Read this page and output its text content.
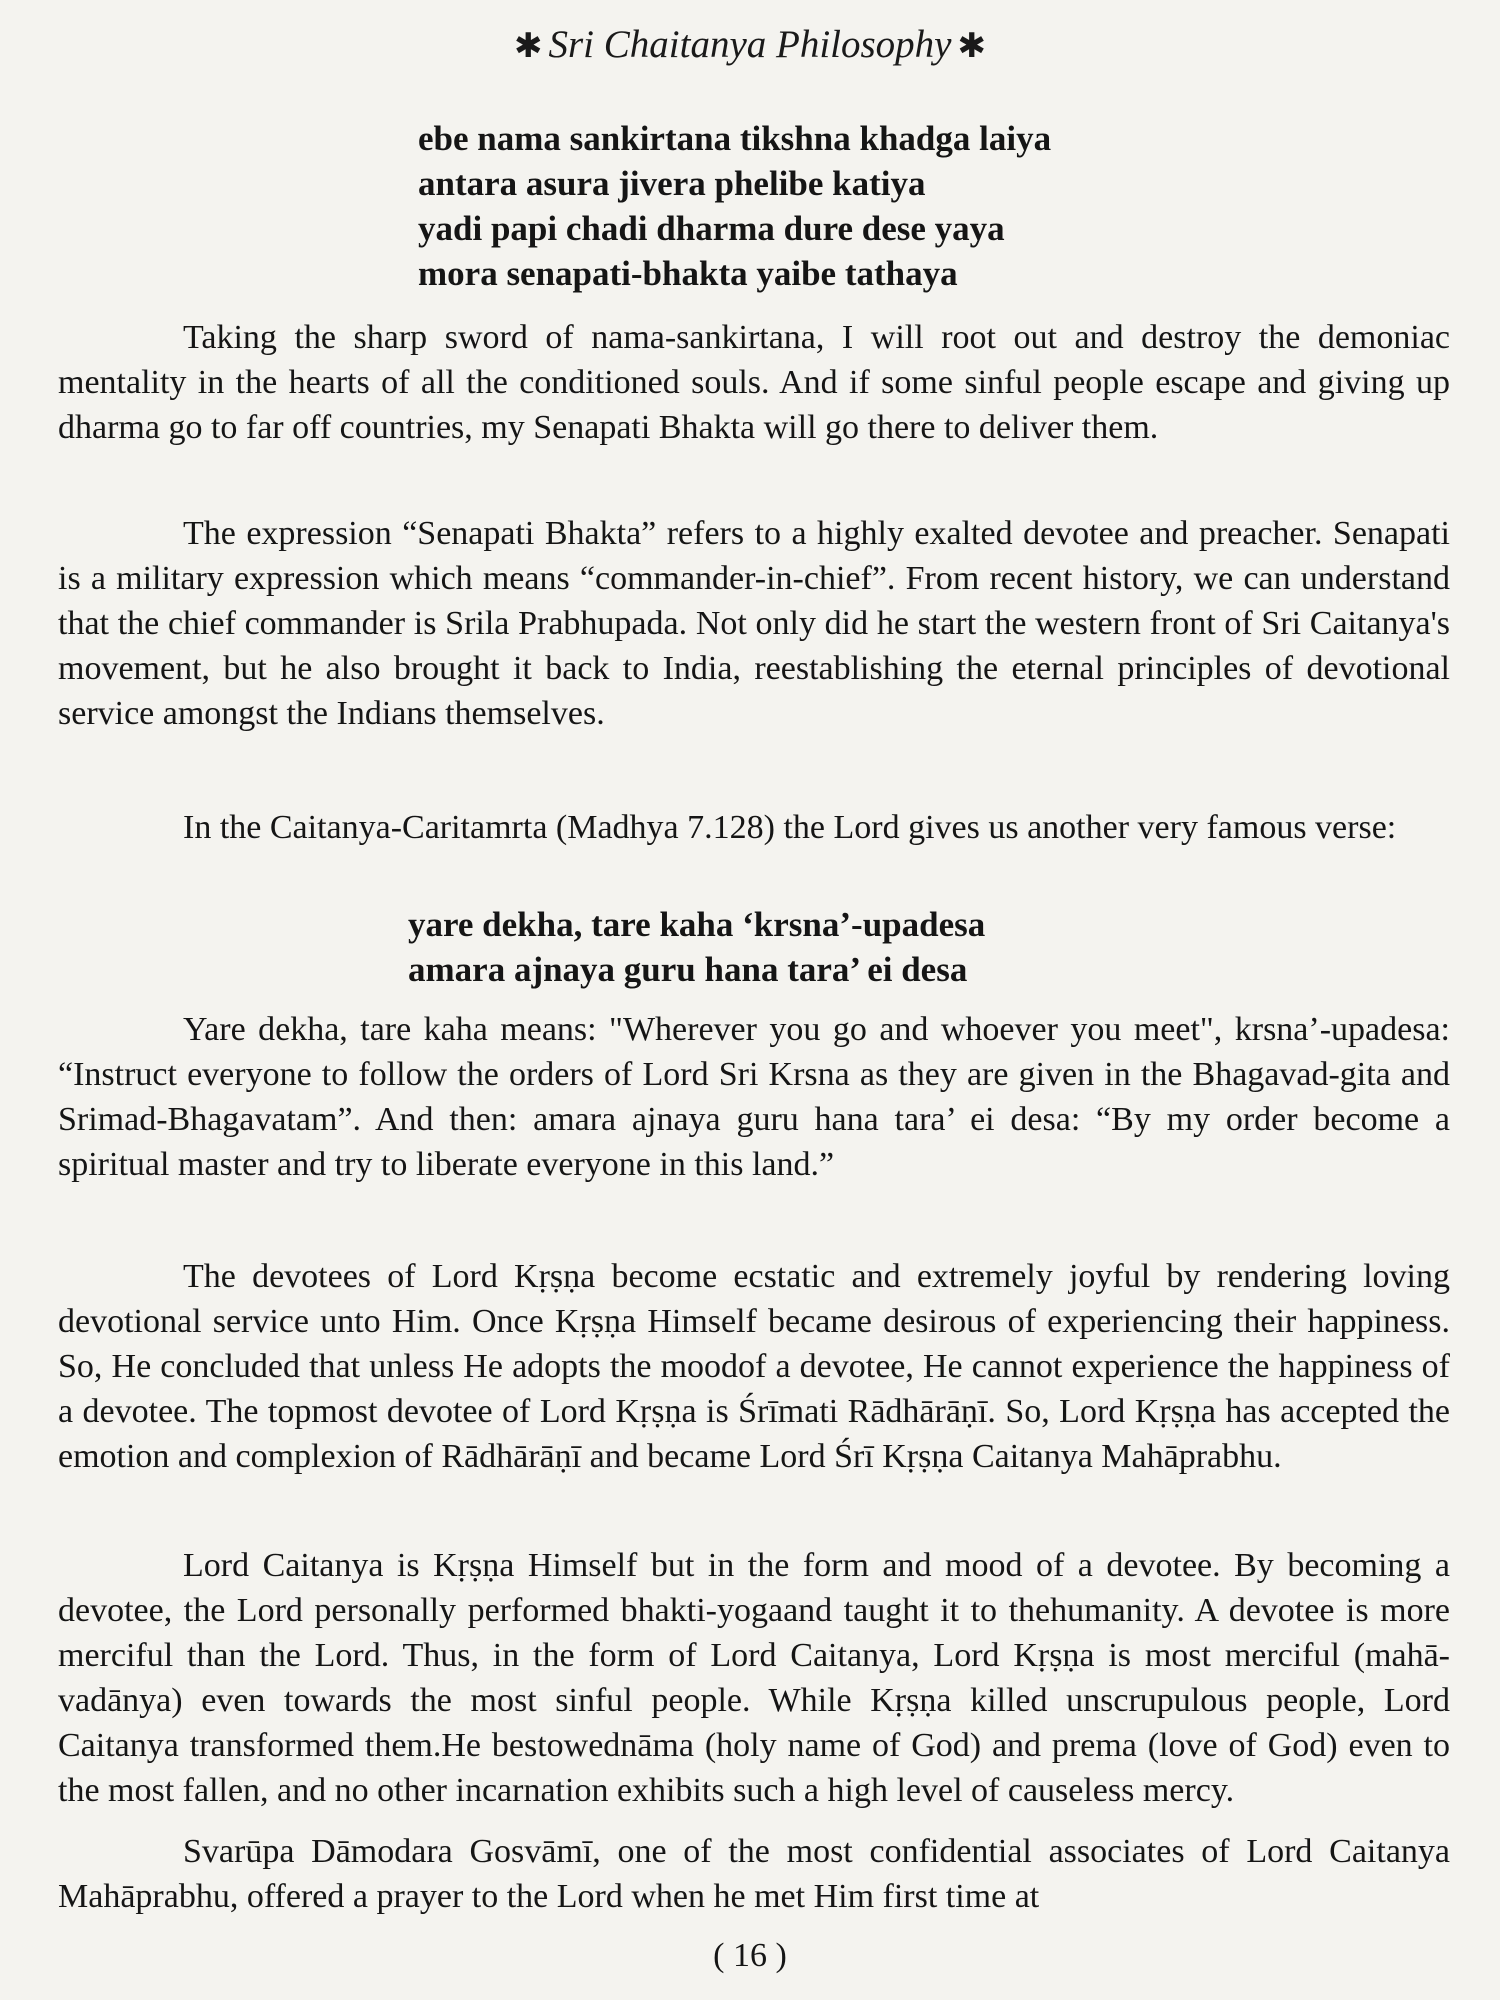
✱ Sri Chaitanya Philosophy ✱
ebe nama sankirtana tikshna khadga laiya
antara asura jivera phelibe katiya
yadi papi chadi dharma dure dese yaya
mora senapati-bhakta yaibe tathaya

Taking the sharp sword of nama-sankirtana, I will root out and destroy the demoniac mentality in the hearts of all the conditioned souls. And if some sinful people escape and giving up dharma go to far off countries, my Senapati Bhakta will go there to deliver them.

The expression “Senapati Bhakta” refers to a highly exalted devotee and preacher. Senapati is a military expression which means “commander-in-chief”. From recent history, we can understand that the chief commander is Srila Prabhupada. Not only did he start the western front of Sri Caitanya's movement, but he also brought it back to India, reestablishing the eternal principles of devotional service amongst the Indians themselves.

In the Caitanya-Caritamrta (Madhya 7.128) the Lord gives us another very famous verse:

yare dekha, tare kaha ‘krsna’-upadesa
amara ajnaya guru hana tara’ ei desa

Yare dekha, tare kaha means: "Wherever you go and whoever you meet", krsna’-upadesa: “Instruct everyone to follow the orders of Lord Sri Krsna as they are given in the Bhagavad-gita and Srimad-Bhagavatam”. And then: amara ajnaya guru hana tara’ ei desa: “By my order become a spiritual master and try to liberate everyone in this land.”

The devotees of Lord Kṛṣṇa become ecstatic and extremely joyful by rendering loving devotional service unto Him. Once Kṛṣṇa Himself became desirous of experiencing their happiness. So, He concluded that unless He adopts the moodof a devotee, He cannot experience the happiness of a devotee. The topmost devotee of Lord Kṛṣṇa is Śrīmati Rādhārāṇī. So, Lord Kṛṣṇa has accepted the emotion and complexion of Rādhārāṇī and became Lord Śrī Kṛṣṇa Caitanya Mahāprabhu.

Lord Caitanya is Kṛṣṇa Himself but in the form and mood of a devotee. By becoming a devotee, the Lord personally performed bhakti-yogaand taught it to thehumanity. A devotee is more merciful than the Lord. Thus, in the form of Lord Caitanya, Lord Kṛṣṇa is most merciful (mahā-vadānya) even towards the most sinful people. While Kṛṣṇa killed unscrupulous people, Lord Caitanya transformed them.He bestowednāma (holy name of God) and prema (love of God) even to the most fallen, and no other incarnation exhibits such a high level of causeless mercy.

Svarūpa Dāmodara Gosvāmī, one of the most confidential associates of Lord Caitanya Mahāprabhu, offered a prayer to the Lord when he met Him first time at

( 16 )
